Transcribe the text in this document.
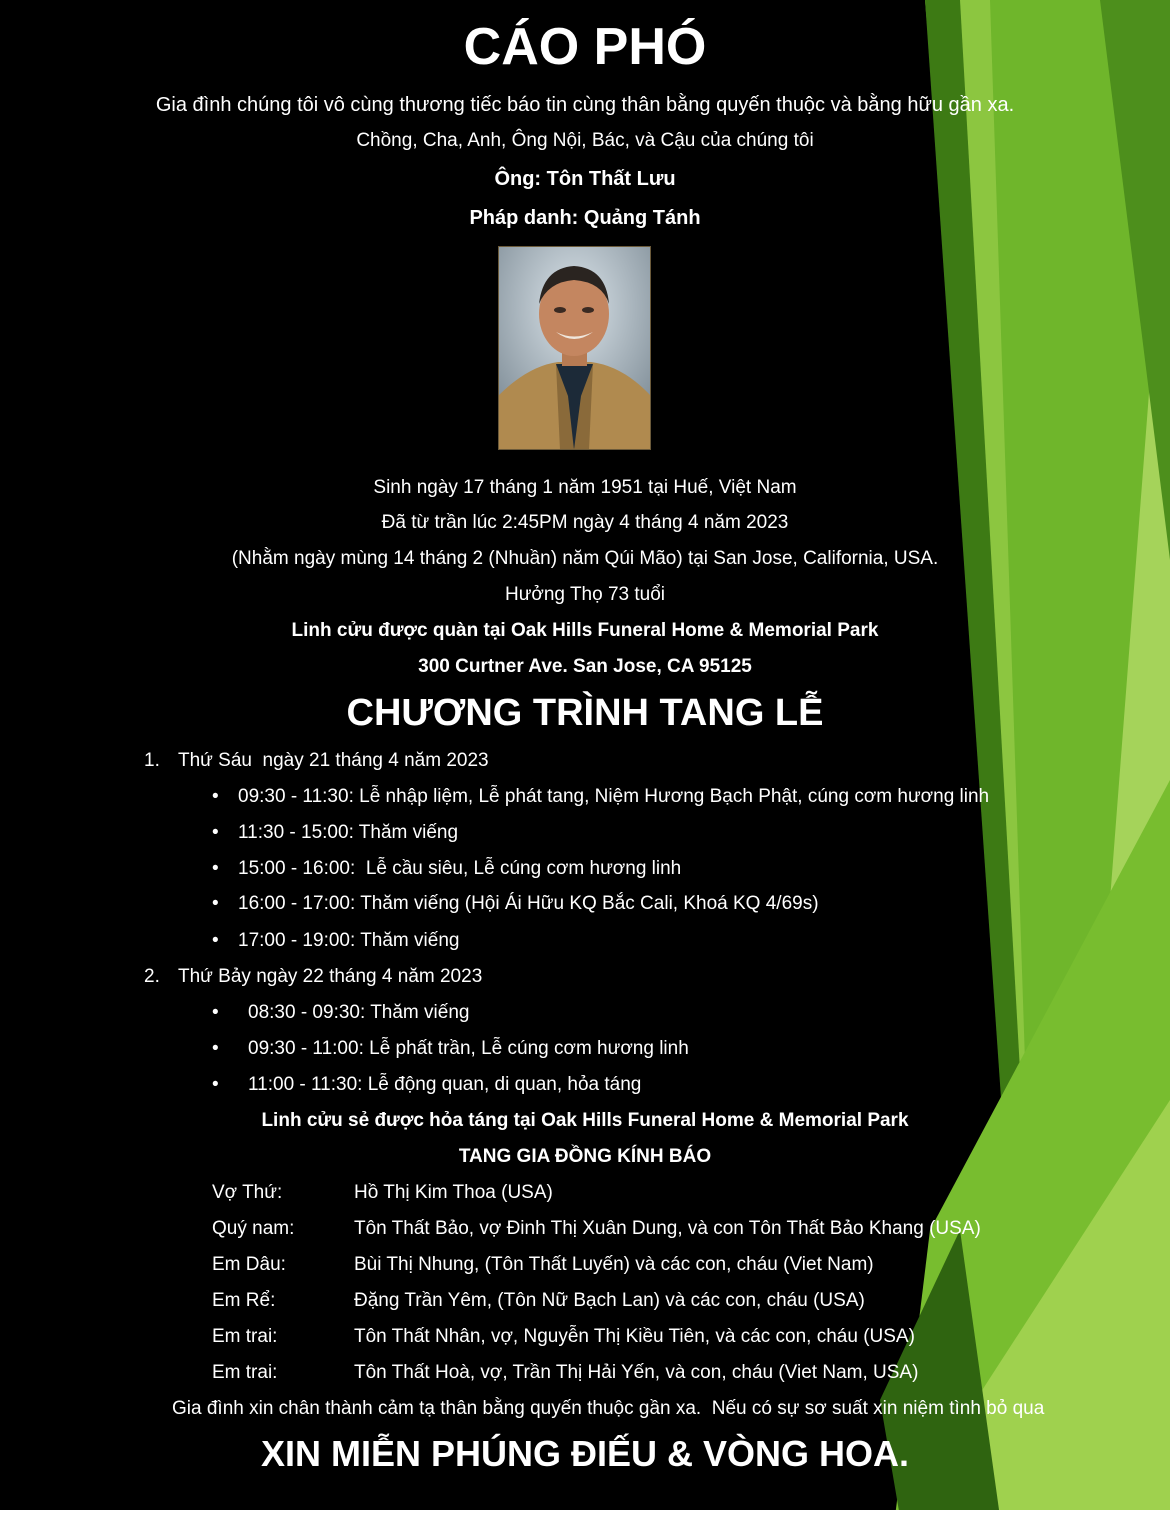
CÁO PHÓ
Gia đình chúng tôi vô cùng thương tiếc báo tin cùng thân bằng quyến thuộc và bằng hữu gần xa.
Chồng, Cha, Anh, Ông Nội, Bác, và Cậu của chúng tôi
Ông: Tôn Thất Lưu
Pháp danh: Quảng Tánh
Sinh ngày 17 tháng 1 năm 1951 tại Huế, Việt Nam
Đã từ trần lúc 2:45PM ngày 4 tháng 4 năm 2023
(Nhằm ngày mùng 14 tháng 2 (Nhuần) năm Qúi Mão) tại San Jose, California, USA.
Hưởng Thọ 73 tuổi
Linh cửu được quàn tại Oak Hills Funeral Home & Memorial Park
300 Curtner Ave. San Jose, CA 95125
CHƯƠNG TRÌNH TANG LỄ
1. Thứ Sáu  ngày 21 tháng 4 năm 2023
• 09:30 - 11:30: Lễ nhập liệm, Lễ phát tang, Niệm Hương Bạch Phật, cúng cơm hương linh
• 11:30 - 15:00: Thăm viếng
• 15:00 - 16:00:  Lễ cầu siêu, Lễ cúng cơm hương linh
• 16:00 - 17:00: Thăm viếng (Hội Ái Hữu KQ Bắc Cali, Khoá KQ 4/69s)
• 17:00 - 19:00: Thăm viếng
2. Thứ Bảy ngày 22 tháng 4 năm 2023
• 08:30 - 09:30: Thăm viếng
• 09:30 - 11:00: Lễ phất trần, Lễ cúng cơm hương linh
• 11:00 - 11:30: Lễ động quan, di quan, hỏa táng
Linh cửu sẻ được hỏa táng tại Oak Hills Funeral Home & Memorial Park
TANG GIA ĐỒNG KÍNH BÁO
Vợ Thứ:	Hồ Thị Kim Thoa (USA)
Quý nam:	Tôn Thất Bảo, vợ Đinh Thị Xuân Dung, và con Tôn Thất Bảo Khang (USA)
Em Dâu:	Bùi Thị Nhung, (Tôn Thất Luyến) và các con, cháu (Viet Nam)
Em Rể:	Đặng Trần Yêm, (Tôn Nữ Bạch Lan) và các con, cháu (USA)
Em trai:	Tôn Thất Nhân, vợ, Nguyễn Thị Kiều Tiên, và các con, cháu (USA)
Em trai:	Tôn Thất Hoà, vợ, Trần Thị Hải Yến, và con, cháu (Viet Nam, USA)
Gia đình xin chân thành cảm tạ thân bằng quyến thuộc gần xa.  Nếu có sự sơ suất xin niệm tình bỏ qua
XIN MIỄN PHÚNG ĐIẾU & VÒNG HOA.
